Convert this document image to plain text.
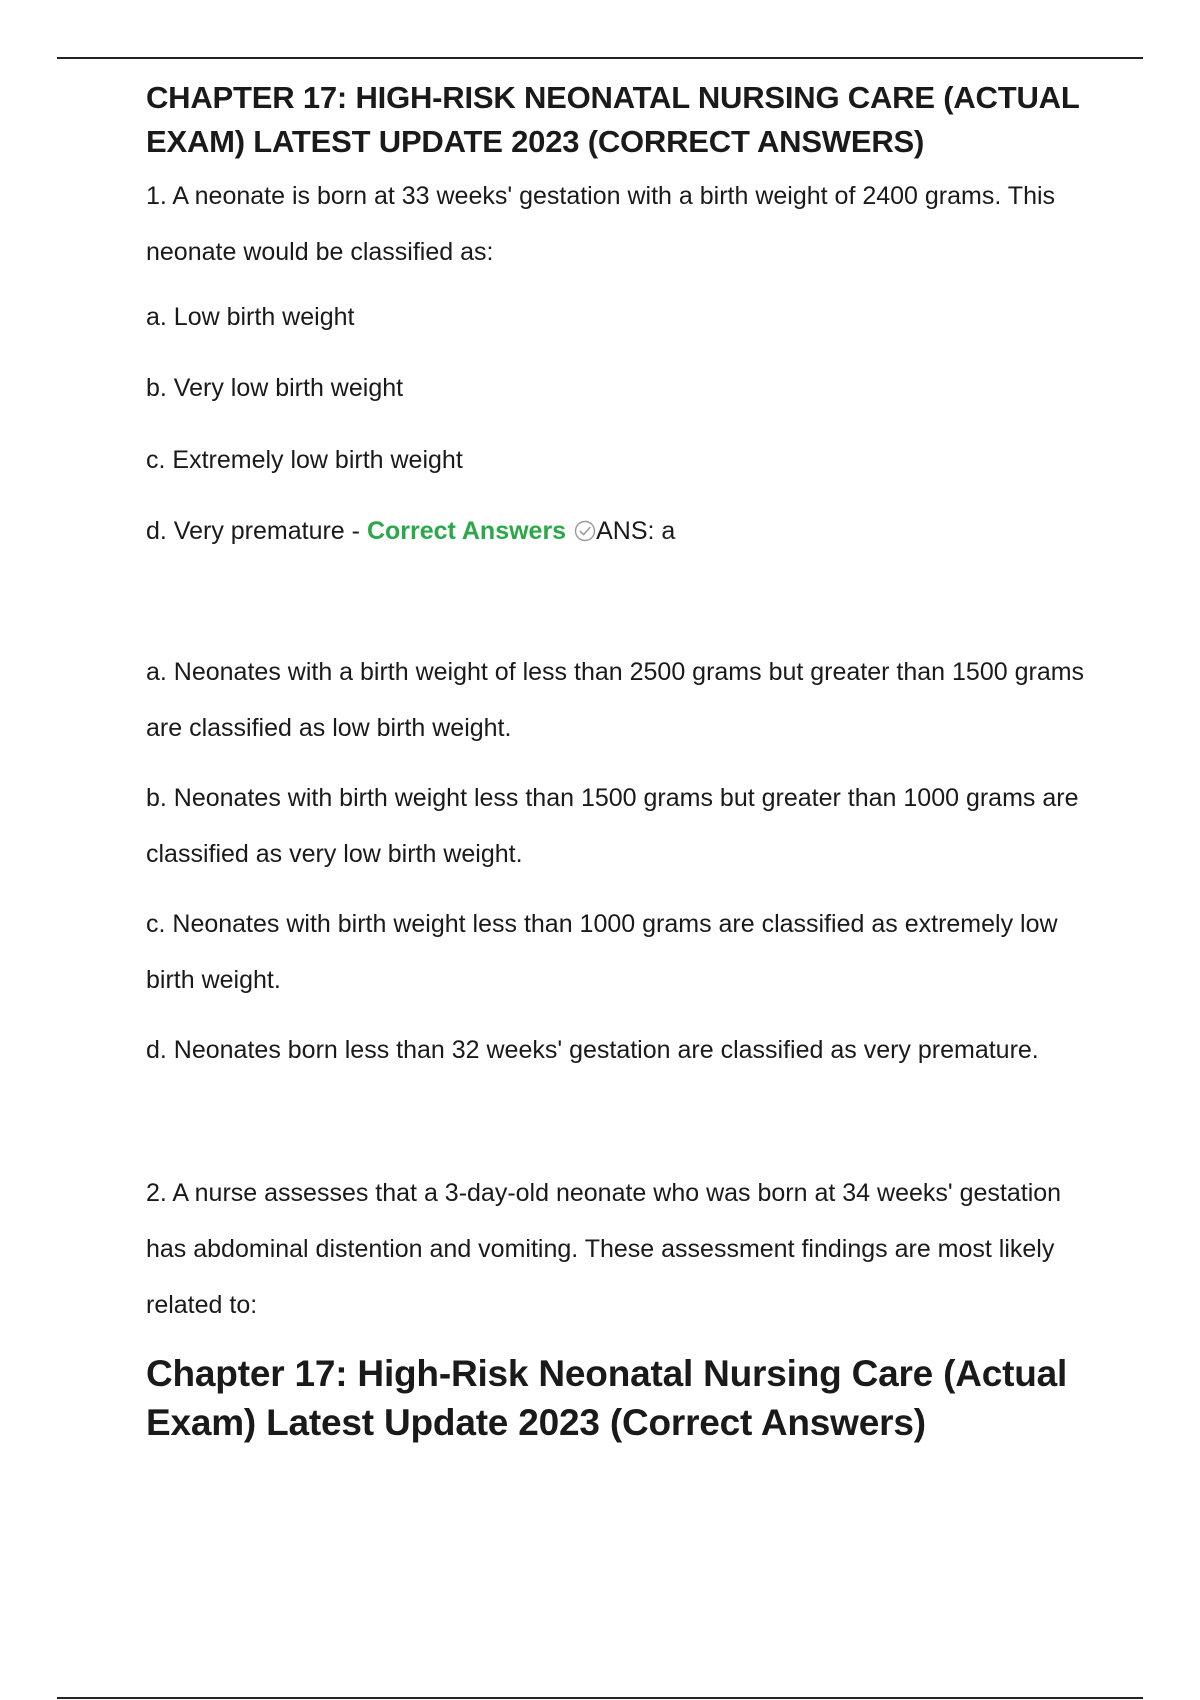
CHAPTER 17: HIGH-RISK NEONATAL NURSING CARE (ACTUAL EXAM) LATEST UPDATE 2023 (CORRECT ANSWERS)

1. A neonate is born at 33 weeks' gestation with a birth weight of 2400 grams. This neonate would be classified as:

a. Low birth weight

b. Very low birth weight

c. Extremely low birth weight

d. Very premature - Correct Answers ANS: a

a. Neonates with a birth weight of less than 2500 grams but greater than 1500 grams are classified as low birth weight.

b. Neonates with birth weight less than 1500 grams but greater than 1000 grams are classified as very low birth weight.

c. Neonates with birth weight less than 1000 grams are classified as extremely low birth weight.

d. Neonates born less than 32 weeks' gestation are classified as very premature.

2. A nurse assesses that a 3-day-old neonate who was born at 34 weeks' gestation has abdominal distention and vomiting. These assessment findings are most likely related to:

Chapter 17: High-Risk Neonatal Nursing Care (Actual Exam) Latest Update 2023 (Correct Answers)
